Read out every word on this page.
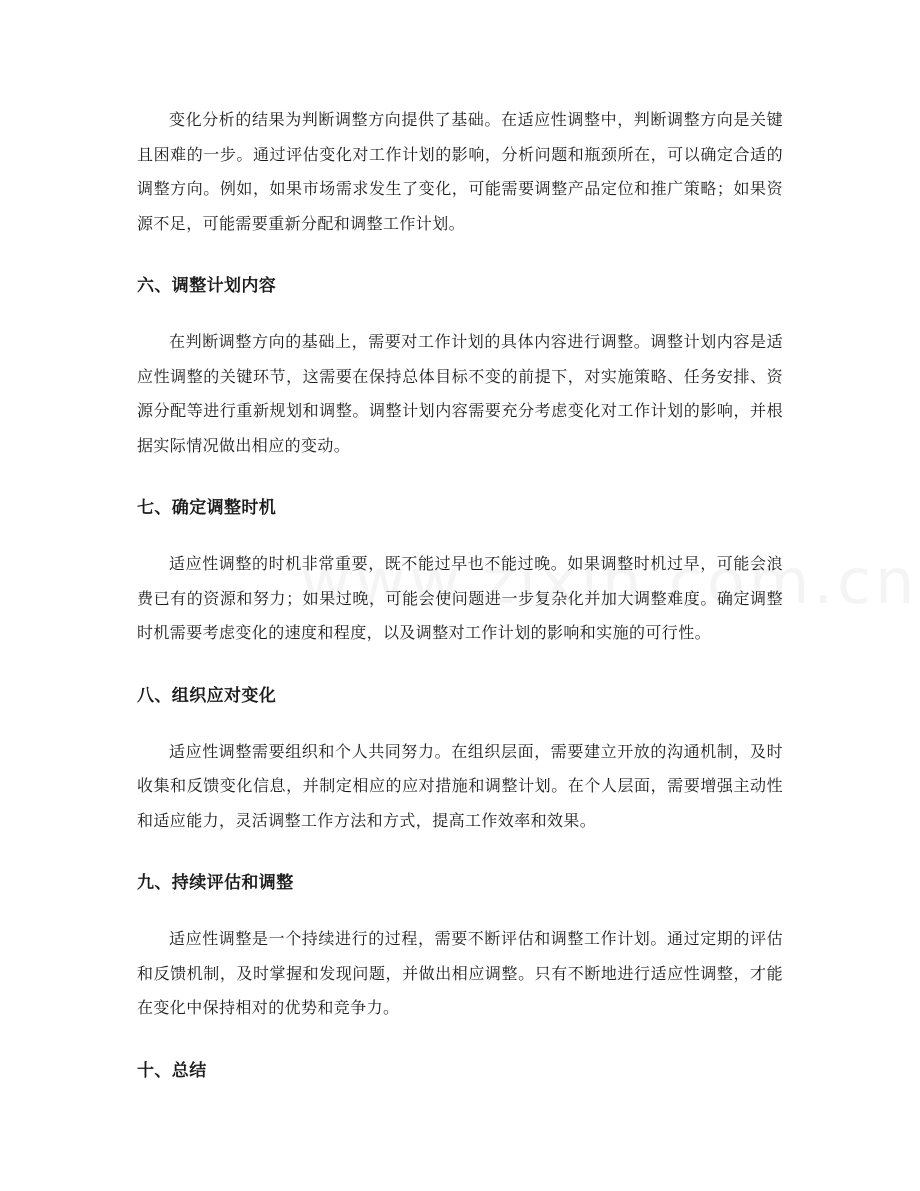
变化分析的结果为判断调整方向提供了基础。在适应性调整中，判断调整方向是关键且困难的一步。通过评估变化对工作计划的影响，分析问题和瓶颈所在，可以确定合适的调整方向。例如，如果市场需求发生了变化，可能需要调整产品定位和推广策略；如果资源不足，可能需要重新分配和调整工作计划。

六、调整计划内容

在判断调整方向的基础上，需要对工作计划的具体内容进行调整。调整计划内容是适应性调整的关键环节，这需要在保持总体目标不变的前提下，对实施策略、任务安排、资源分配等进行重新规划和调整。调整计划内容需要充分考虑变化对工作计划的影响，并根据实际情况做出相应的变动。

七、确定调整时机

适应性调整的时机非常重要，既不能过早也不能过晚。如果调整时机过早，可能会浪费已有的资源和努力；如果过晚，可能会使问题进一步复杂化并加大调整难度。确定调整时机需要考虑变化的速度和程度，以及调整对工作计划的影响和实施的可行性。

八、组织应对变化

适应性调整需要组织和个人共同努力。在组织层面，需要建立开放的沟通机制，及时收集和反馈变化信息，并制定相应的应对措施和调整计划。在个人层面，需要增强主动性和适应能力，灵活调整工作方法和方式，提高工作效率和效果。

九、持续评估和调整

适应性调整是一个持续进行的过程，需要不断评估和调整工作计划。通过定期的评估和反馈机制，及时掌握和发现问题，并做出相应调整。只有不断地进行适应性调整，才能在变化中保持相对的优势和竞争力。

十、总结
